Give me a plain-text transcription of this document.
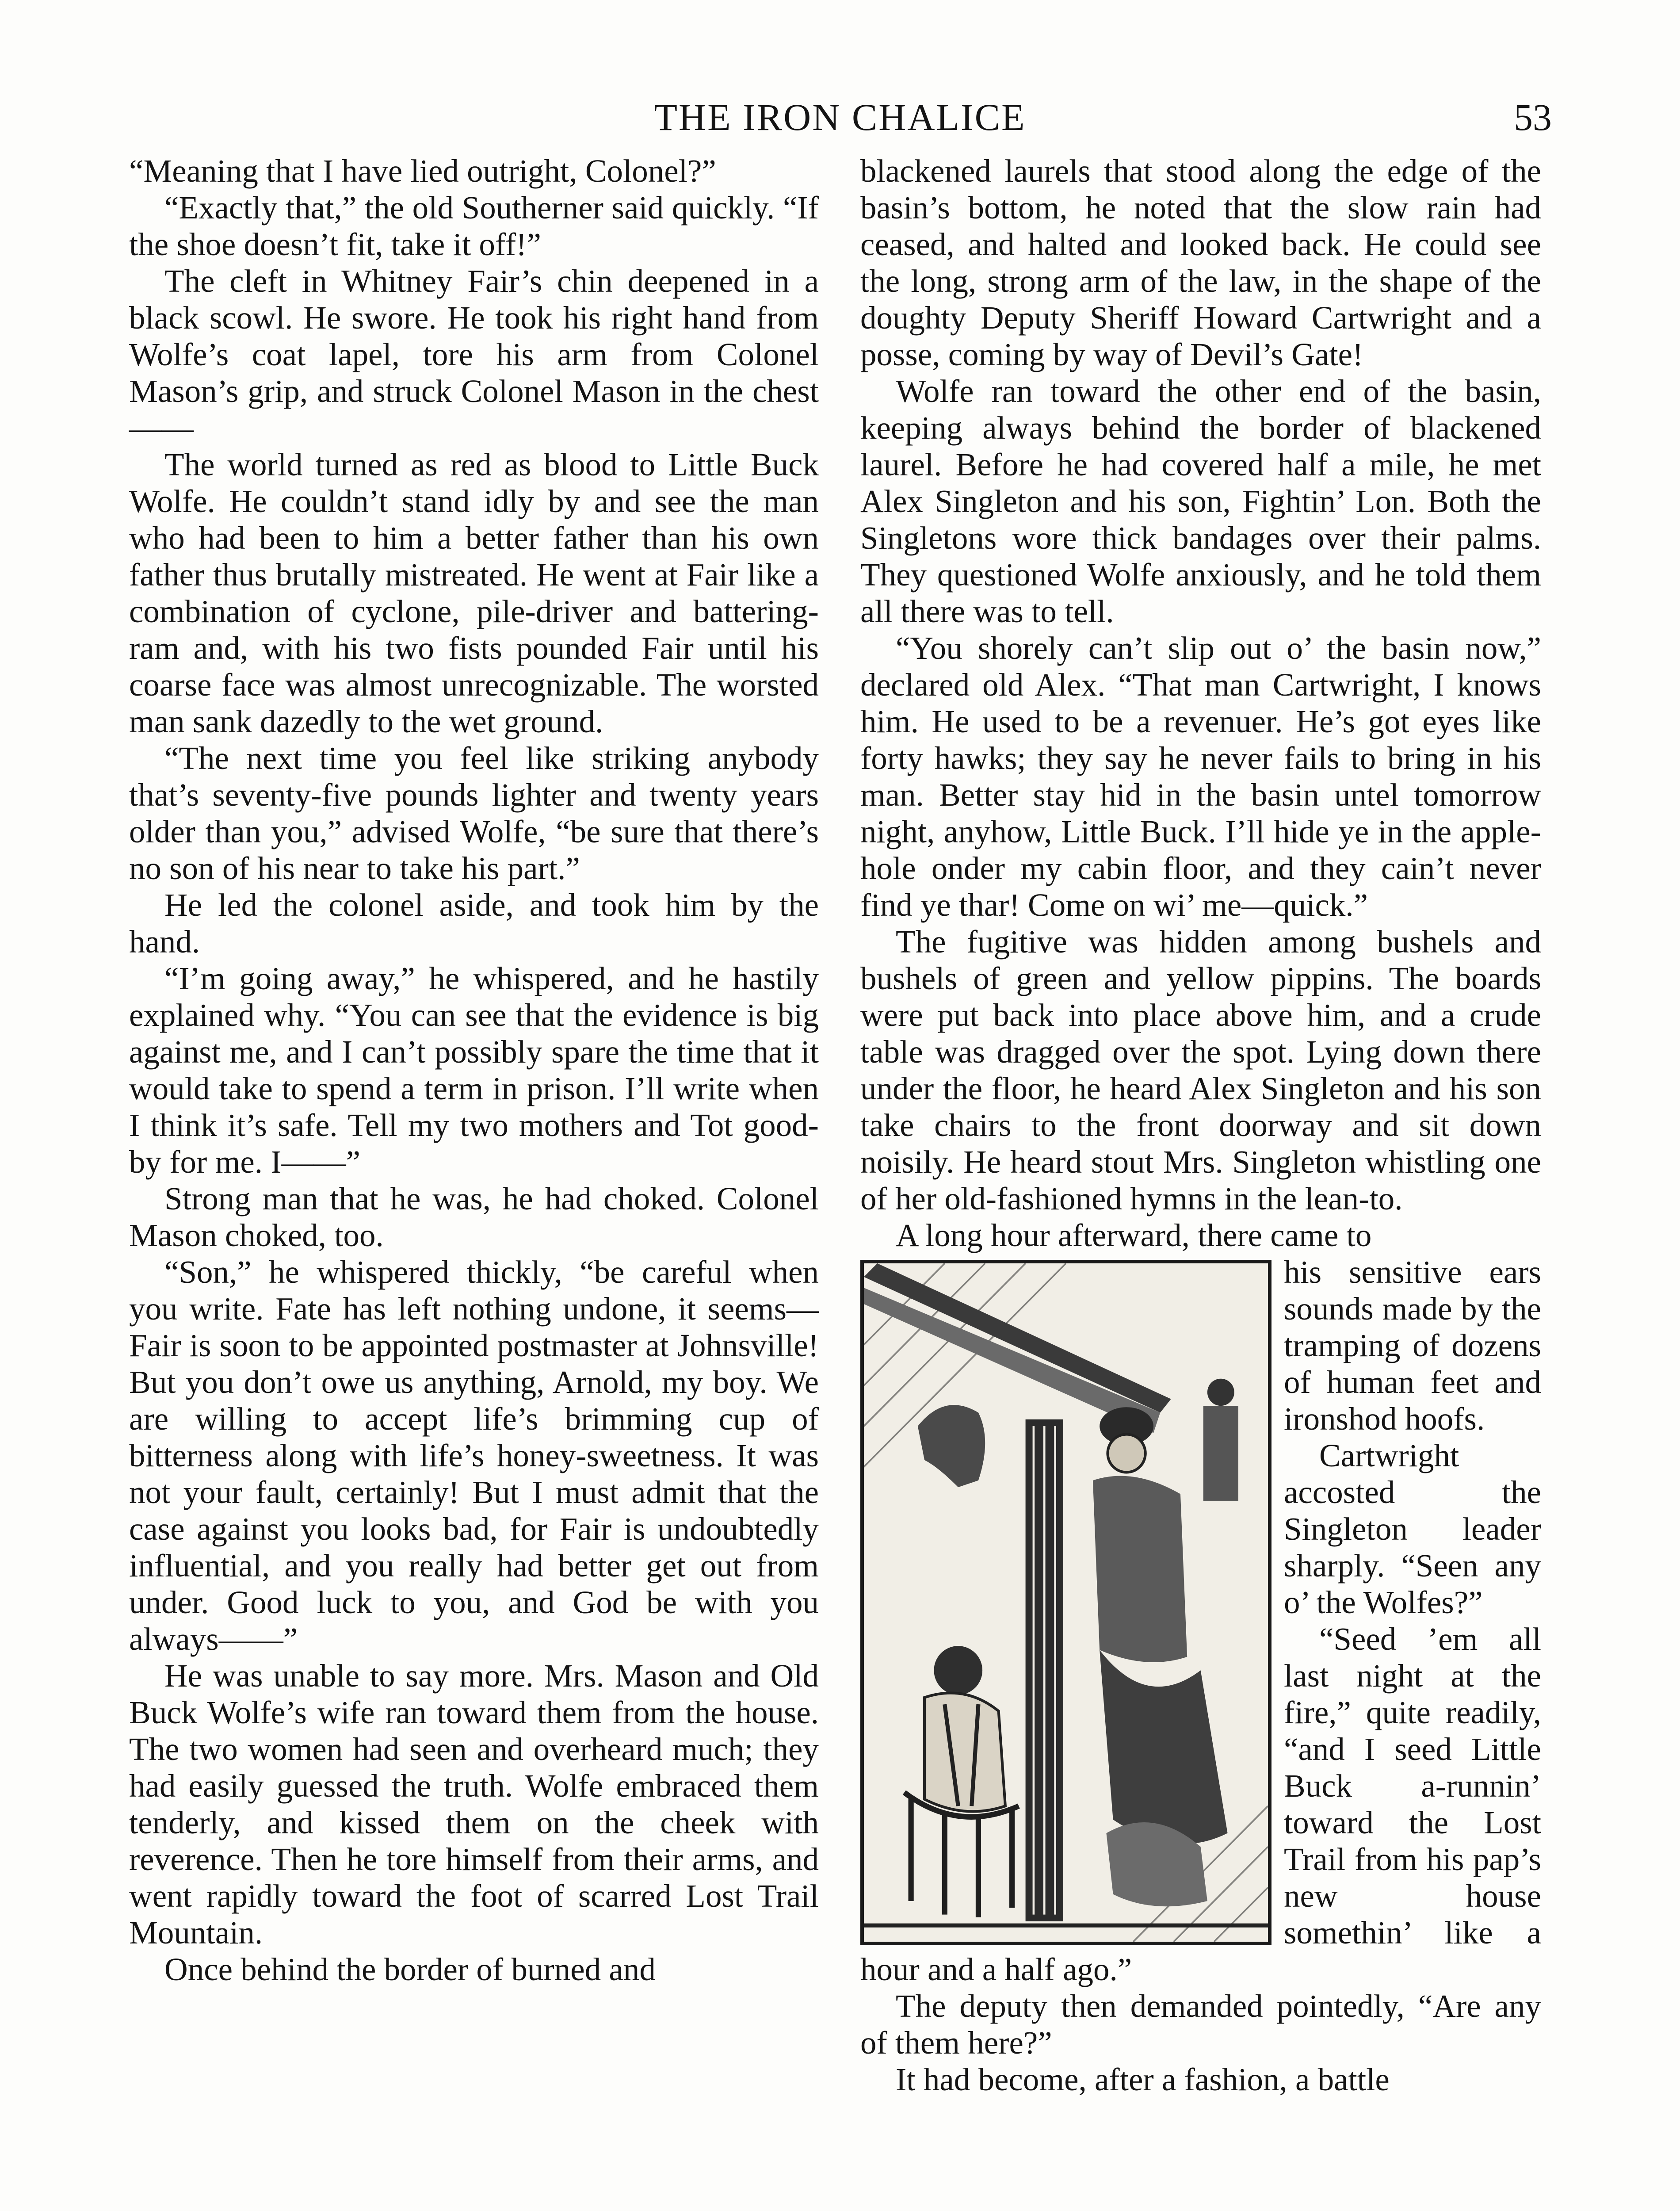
THE IRON CHALICE	53

“Meaning that I have lied outright, Colonel?”

“Exactly that,” the old Southerner said quickly. “If the shoe doesn’t fit, take it off!”

The cleft in Whitney Fair’s chin deepened in a black scowl. He swore. He took his right hand from Wolfe’s coat lapel, tore his arm from Colonel Mason’s grip, and struck Colonel Mason in the chest——

The world turned as red as blood to Little Buck Wolfe. He couldn’t stand idly by and see the man who had been to him a better father than his own father thus brutally mistreated. He went at Fair like a combination of cyclone, pile-driver and battering-ram and, with his two fists pounded Fair until his coarse face was almost unrecognizable. The worsted man sank dazedly to the wet ground.

“The next time you feel like striking anybody that’s seventy-five pounds lighter and twenty years older than you,” advised Wolfe, “be sure that there’s no son of his near to take his part.”

He led the colonel aside, and took him by the hand.

“I’m going away,” he whispered, and he hastily explained why. “You can see that the evidence is big against me, and I can’t possibly spare the time that it would take to spend a term in prison. I’ll write when I think it’s safe. Tell my two mothers and Tot good-by for me. I——”

Strong man that he was, he had choked. Colonel Mason choked, too.

“Son,” he whispered thickly, “be careful when you write. Fate has left nothing undone, it seems—Fair is soon to be appointed postmaster at Johnsville! But you don’t owe us anything, Arnold, my boy. We are willing to accept life’s brimming cup of bitterness along with life’s honey-sweetness. It was not your fault, certainly! But I must admit that the case against you looks bad, for Fair is undoubtedly influential, and you really had better get out from under. Good luck to you, and God be with you always——”

He was unable to say more. Mrs. Mason and Old Buck Wolfe’s wife ran toward them from the house. The two women had seen and overheard much; they had easily guessed the truth. Wolfe embraced them tenderly, and kissed them on the cheek with reverence. Then he tore himself from their arms, and went rapidly toward the foot of scarred Lost Trail Mountain.

Once behind the border of burned and

blackened laurels that stood along the edge of the basin’s bottom, he noted that the slow rain had ceased, and halted and looked back. He could see the long, strong arm of the law, in the shape of the doughty Deputy Sheriff Howard Cartwright and a posse, coming by way of Devil’s Gate!

Wolfe ran toward the other end of the basin, keeping always behind the border of blackened laurel. Before he had covered half a mile, he met Alex Singleton and his son, Fightin’ Lon. Both the Singletons wore thick bandages over their palms. They questioned Wolfe anxiously, and he told them all there was to tell.

“You shorely can’t slip out o’ the basin now,” declared old Alex. “That man Cartwright, I knows him. He used to be a revenuer. He’s got eyes like forty hawks; they say he never fails to bring in his man. Better stay hid in the basin untel tomorrow night, anyhow, Little Buck. I’ll hide ye in the apple-hole onder my cabin floor, and they cain’t never find ye thar! Come on wi’ me—quick.”

The fugitive was hidden among bushels and bushels of green and yellow pippins. The boards were put back into place above him, and a crude table was dragged over the spot. Lying down there under the floor, he heard Alex Singleton and his son take chairs to the front doorway and sit down noisily. He heard stout Mrs. Singleton whistling one of her old-fashioned hymns in the lean-to.

A long hour afterward, there came to

his sensitive ears sounds made by the tramping of dozens of human feet and ironshod hoofs.

Cartwright accosted the Singleton leader sharply. “Seen any o’ the Wolfes?”

“Seed ’em all last night at the fire,” quite readily, “and I seed Little Buck a-runnin’ toward the Lost Trail from his pap’s new house somethin’ like a hour and a half ago.”

The deputy then demanded pointedly, “Are any of them here?”

It had become, after a fashion, a battle
